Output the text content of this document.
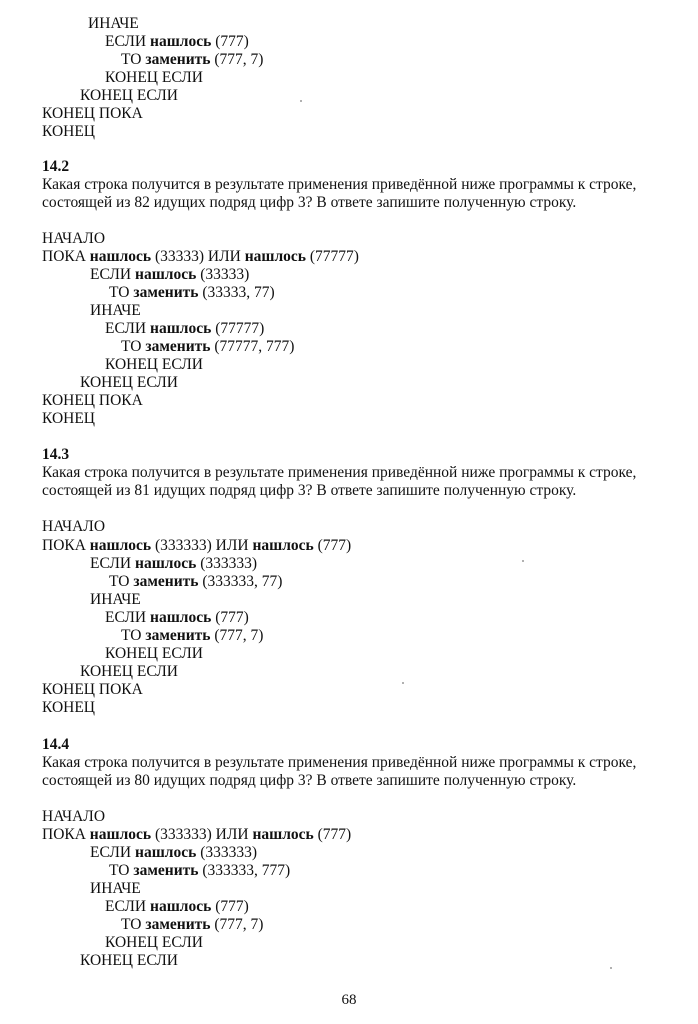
ИНАЧЕ
ЕСЛИ нашлось (777)
ТО заменить (777, 7)
КОНЕЦ ЕСЛИ
КОНЕЦ ЕСЛИ
КОНЕЦ ПОКА
КОНЕЦ
14.2
Какая строка получится в результате применения приведённой ниже программы к строке,
состоящей из 82 идущих подряд цифр 3? В ответе запишите полученную строку.
НАЧАЛО
ПОКА нашлось (33333) ИЛИ нашлось (77777)
ЕСЛИ нашлось (33333)
ТО заменить (33333, 77)
ИНАЧЕ
ЕСЛИ нашлось (77777)
ТО заменить (77777, 777)
КОНЕЦ ЕСЛИ
КОНЕЦ ЕСЛИ
КОНЕЦ ПОКА
КОНЕЦ
14.3
Какая строка получится в результате применения приведённой ниже программы к строке,
состоящей из 81 идущих подряд цифр 3? В ответе запишите полученную строку.
НАЧАЛО
ПОКА нашлось (333333) ИЛИ нашлось (777)
ЕСЛИ нашлось (333333)
ТО заменить (333333, 77)
ИНАЧЕ
ЕСЛИ нашлось (777)
ТО заменить (777, 7)
КОНЕЦ ЕСЛИ
КОНЕЦ ЕСЛИ
КОНЕЦ ПОКА
КОНЕЦ
14.4
Какая строка получится в результате применения приведённой ниже программы к строке,
состоящей из 80 идущих подряд цифр 3? В ответе запишите полученную строку.
НАЧАЛО
ПОКА нашлось (333333) ИЛИ нашлось (777)
ЕСЛИ нашлось (333333)
ТО заменить (333333, 777)
ИНАЧЕ
ЕСЛИ нашлось (777)
ТО заменить (777, 7)
КОНЕЦ ЕСЛИ
КОНЕЦ ЕСЛИ
68
